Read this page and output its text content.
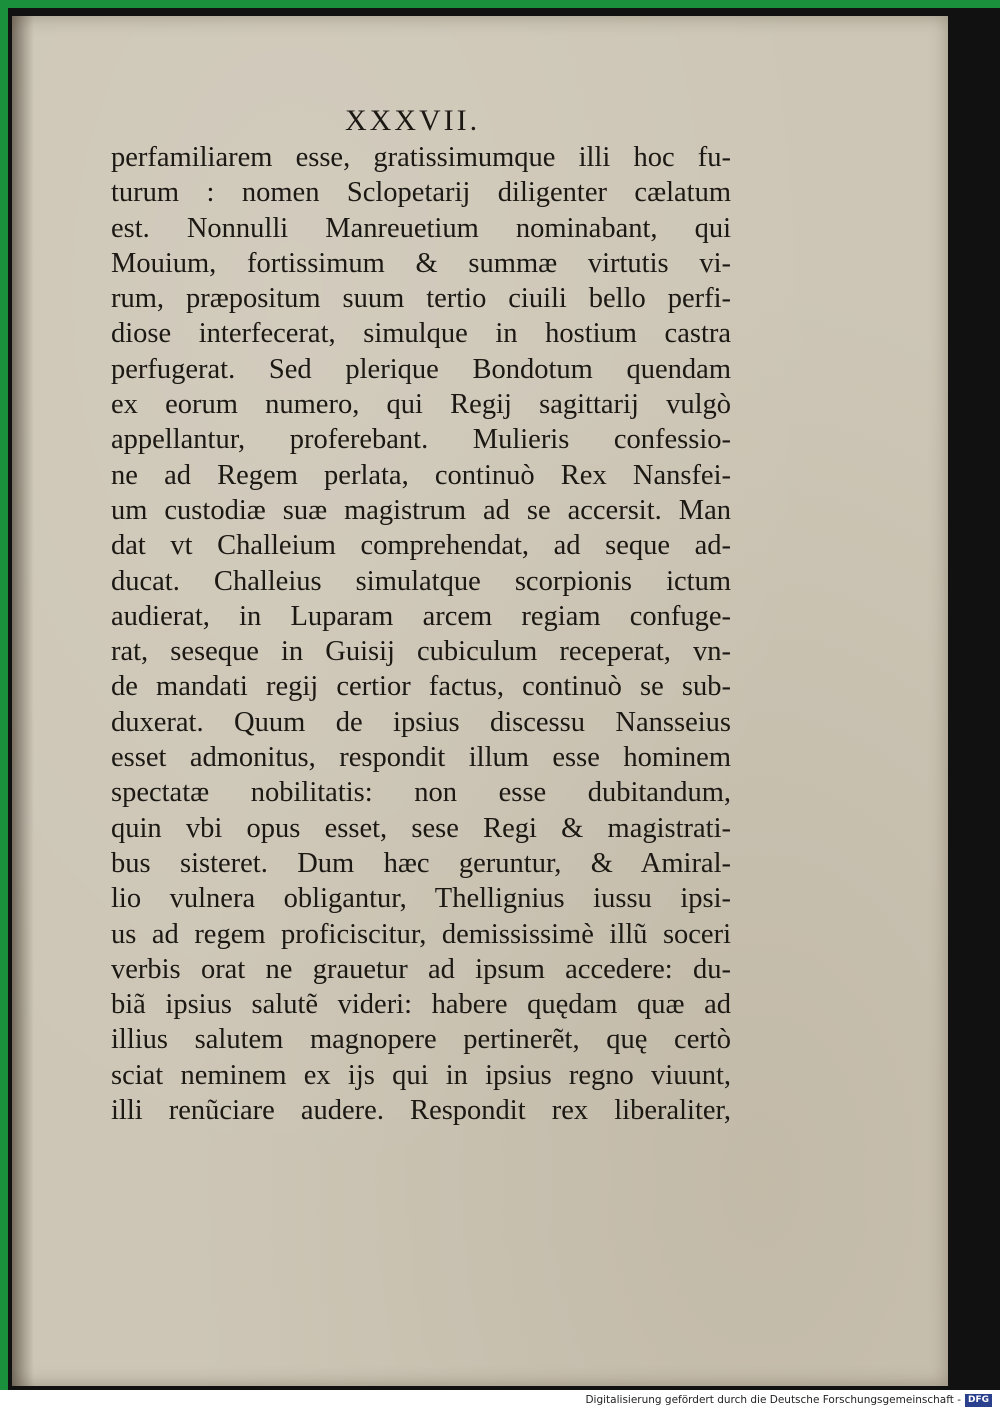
XXXVII.
perfamiliarem esse, gratissimumque illi hoc fu-
turum : nomen Sclopetarij diligenter cælatum
est. Nonnulli Manreuetium nominabant, qui
Mouium, fortissimum & summæ virtutis vi-
rum, præpositum suum tertio ciuili bello perfi-
diose interfecerat, simulque in hostium castra
perfugerat. Sed plerique Bondotum quendam
ex eorum numero, qui Regij sagittarij vulgò
appellantur, proferebant. Mulieris confessio-
ne ad Regem perlata, continuò Rex Nansfei-
um custodiæ suæ magistrum ad se accersit. Man
dat vt Challeium comprehendat, ad seque ad-
ducat. Challeius simulatque scorpionis ictum
audierat, in Luparam arcem regiam confuge-
rat, seseque in Guisij cubiculum receperat, vn-
de mandati regij certior factus, continuò se sub-
duxerat. Quum de ipsius discessu Nansseius
esset admonitus, respondit illum esse hominem
spectatæ nobilitatis: non esse dubitandum,
quin vbi opus esset, sese Regi & magistrati-
bus sisteret. Dum hæc geruntur, & Amiral-
lio vulnera obligantur, Thellignius iussu ipsi-
us ad regem proficiscitur, demississimè illũ soceri
verbis orat ne grauetur ad ipsum accedere: du-
biã ipsius salutẽ videri: habere quędam quæ ad
illius salutem magnopere pertinerẽt, quę certò
sciat neminem ex ijs qui in ipsius regno viuunt,
illi renũciare audere. Respondit rex liberaliter,
Digitalisierung gefördert durch die Deutsche Forschungsgemeinschaft - DFG
